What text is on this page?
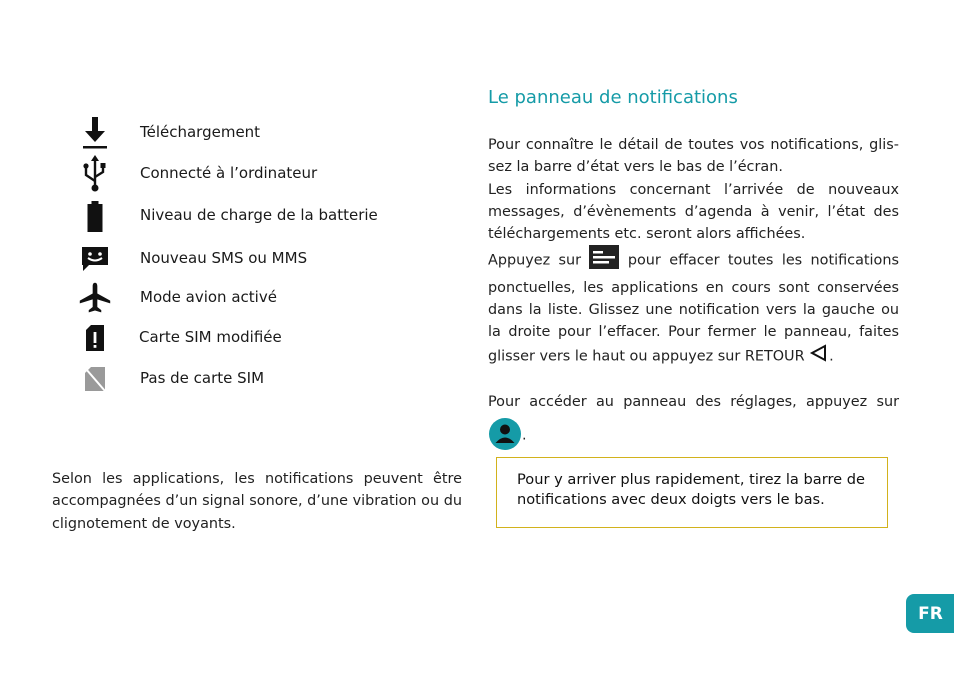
Téléchargement
Connecté à l’ordinateur
Niveau de charge de la batterie
Nouveau SMS ou MMS
Mode avion activé
Carte SIM modifiée
Pas de carte SIM
Selon les applications, les notifications peuvent être accompagnées d’un signal sonore, d’une vibration ou du clignotement de voyants.
Le panneau de notifications

Pour connaître le détail de toutes vos notifications, glis- sez la barre d’état vers le bas de l’écran.

Les informations concernant l’arrivée de nouveaux messages, d’évènements d’agenda à venir, l’état des téléchargements etc. seront alors affichées.

Appuyez sur	pour effacer toutes les notifications ponctuelles, les applications en cours sont conservées dans la liste. Glissez une notification vers la gauche ou la droite pour l’effacer. Pour fermer le panneau, faites glisser vers le haut ou appuyez sur RETOUR .

Pour accéder au panneau des réglages, appuyez sur .

Pour y arriver plus rapidement, tirez la barre de notifications avec deux doigts vers le bas.
FR
